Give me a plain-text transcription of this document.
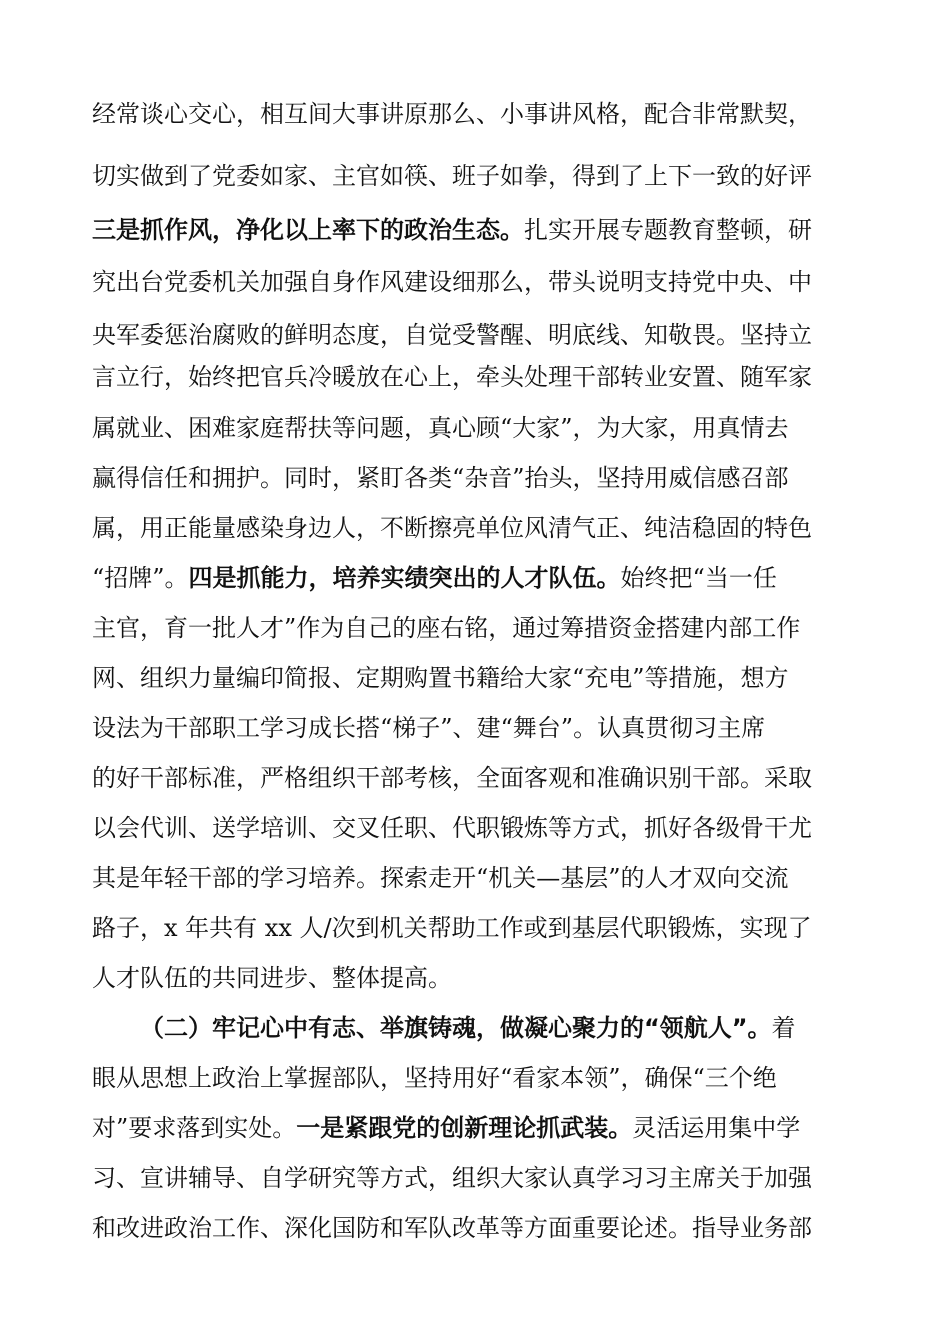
经常谈心交心，相互间大事讲原那么、小事讲风格，配合非常默契，
切实做到了党委如家、主官如筷、班子如拳，得到了上下一致的好评
三是抓作风，净化以上率下的政治生态。扎实开展专题教育整顿，研
究出台党委机关加强自身作风建设细那么，带头说明支持党中央、中
央军委惩治腐败的鲜明态度，自觉受警醒、明底线、知敬畏。坚持立
言立行，始终把官兵冷暖放在心上，牵头处理干部转业安置、随军家
属就业、困难家庭帮扶等问题，真心顾“大家”，为大家，用真情去
赢得信任和拥护。同时，紧盯各类“杂音”抬头，坚持用威信感召部
属，用正能量感染身边人，不断擦亮单位风清气正、纯洁稳固的特色
“招牌”。四是抓能力，培养实绩突出的人才队伍。始终把“当一任
主官，育一批人才”作为自己的座右铭，通过筹措资金搭建内部工作
网、组织力量编印简报、定期购置书籍给大家“充电”等措施，想方
设法为干部职工学习成长搭“梯子”、建“舞台”。认真贯彻习主席
的好干部标准，严格组织干部考核，全面客观和准确识别干部。采取
以会代训、送学培训、交叉任职、代职锻炼等方式，抓好各级骨干尤
其是年轻干部的学习培养。探索走开“机关—基层”的人才双向交流
路子，x 年共有 xx 人/次到机关帮助工作或到基层代职锻炼，实现了
人才队伍的共同进步、整体提高。
（二）牢记心中有志、举旗铸魂，做凝心聚力的“领航人”。着
眼从思想上政治上掌握部队，坚持用好“看家本领”，确保“三个绝
对”要求落到实处。一是紧跟党的创新理论抓武装。灵活运用集中学
习、宣讲辅导、自学研究等方式，组织大家认真学习习主席关于加强
和改进政治工作、深化国防和军队改革等方面重要论述。指导业务部
